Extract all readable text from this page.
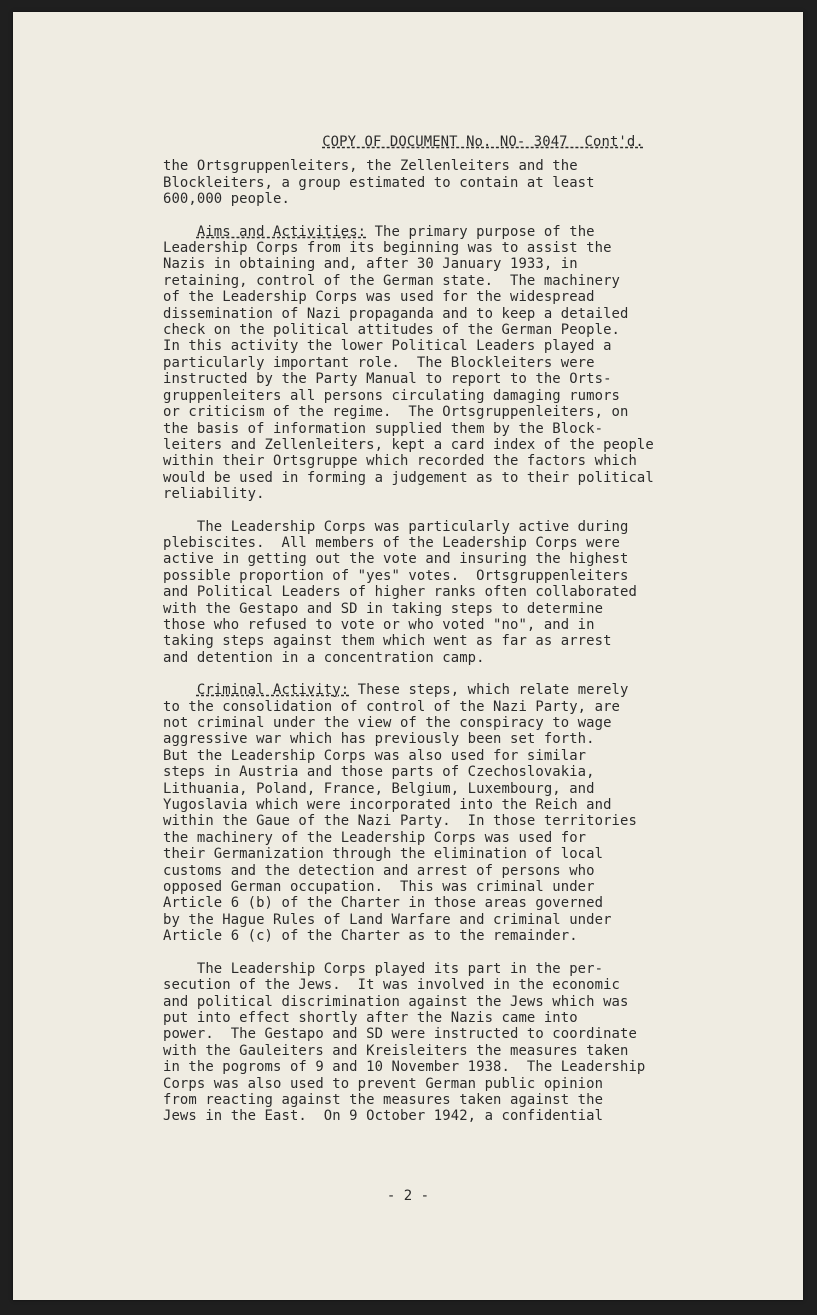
COPY OF DOCUMENT No. NO- 3047  Cont'd.
the Ortsgruppenleiters, the Zellenleiters and the
Blockleiters, a group estimated to contain at least
600,000 people.
Aims and Activities: The primary purpose of the
Leadership Corps from its beginning was to assist the
Nazis in obtaining and, after 30 January 1933, in
retaining, control of the German state.  The machinery
of the Leadership Corps was used for the widespread
dissemination of Nazi propaganda and to keep a detailed
check on the political attitudes of the German People.
In this activity the lower Political Leaders played a
particularly important role.  The Blockleiters were
instructed by the Party Manual to report to the Orts-
gruppenleiters all persons circulating damaging rumors
or criticism of the regime.  The Ortsgruppenleiters, on
the basis of information supplied them by the Block-
leiters and Zellenleiters, kept a card index of the people
within their Ortsgruppe which recorded the factors which
would be used in forming a judgement as to their political
reliability.
The Leadership Corps was particularly active during
plebiscites.  All members of the Leadership Corps were
active in getting out the vote and insuring the highest
possible proportion of "yes" votes.  Ortsgruppenleiters
and Political Leaders of higher ranks often collaborated
with the Gestapo and SD in taking steps to determine
those who refused to vote or who voted "no", and in
taking steps against them which went as far as arrest
and detention in a concentration camp.
Criminal Activity: These steps, which relate merely
to the consolidation of control of the Nazi Party, are
not criminal under the view of the conspiracy to wage
aggressive war which has previously been set forth.
But the Leadership Corps was also used for similar
steps in Austria and those parts of Czechoslovakia,
Lithuania, Poland, France, Belgium, Luxembourg, and
Yugoslavia which were incorporated into the Reich and
within the Gaue of the Nazi Party.  In those territories
the machinery of the Leadership Corps was used for
their Germanization through the elimination of local
customs and the detection and arrest of persons who
opposed German occupation.  This was criminal under
Article 6 (b) of the Charter in those areas governed
by the Hague Rules of Land Warfare and criminal under
Article 6 (c) of the Charter as to the remainder.
The Leadership Corps played its part in the per-
secution of the Jews.  It was involved in the economic
and political discrimination against the Jews which was
put into effect shortly after the Nazis came into
power.  The Gestapo and SD were instructed to coordinate
with the Gauleiters and Kreisleiters the measures taken
in the pogroms of 9 and 10 November 1938.  The Leadership
Corps was also used to prevent German public opinion
from reacting against the measures taken against the
Jews in the East.  On 9 October 1942, a confidential
- 2 -
